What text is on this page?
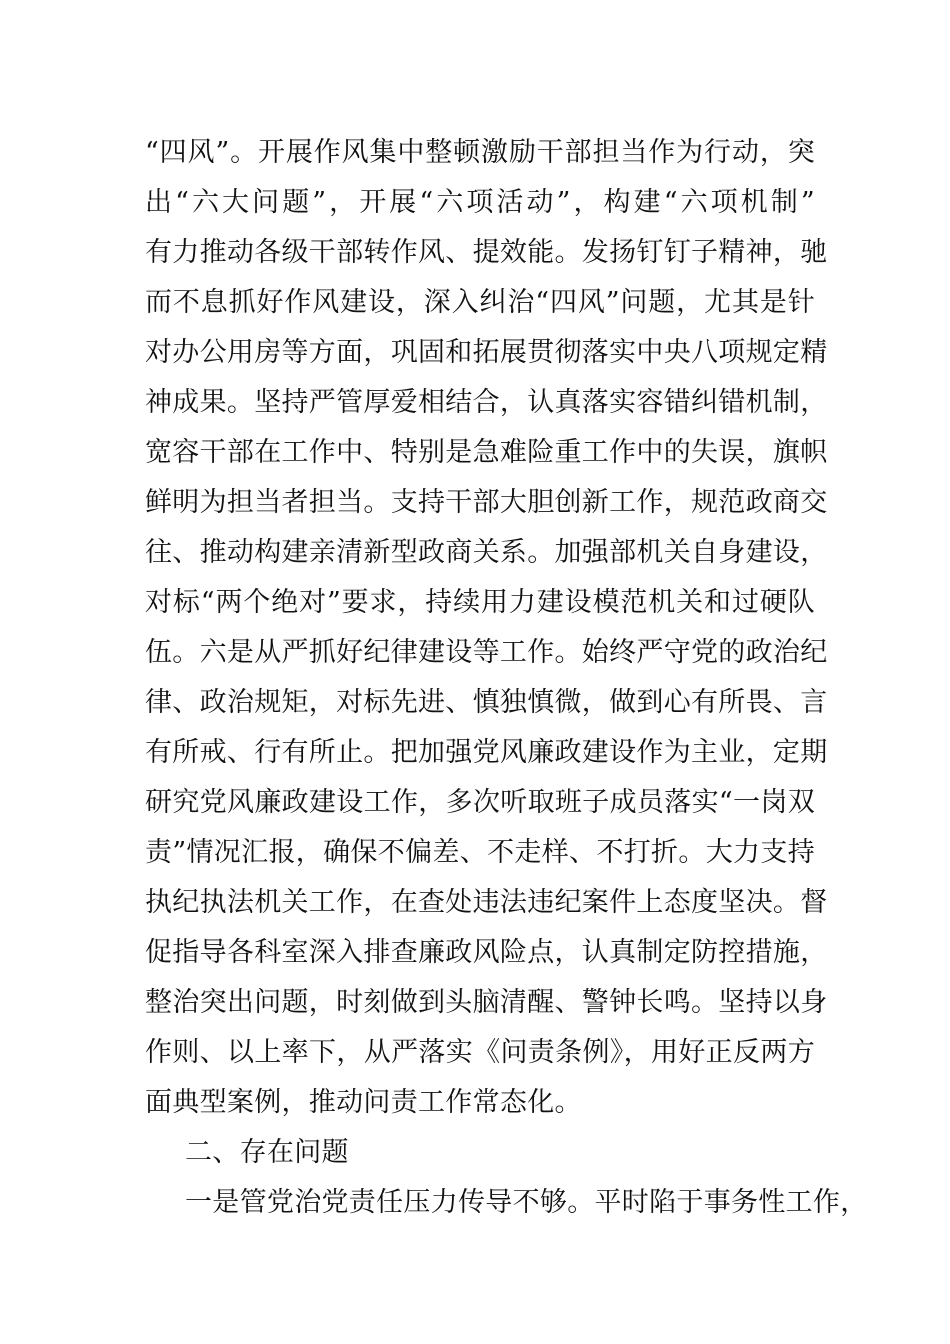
“四风”。开展作风集中整顿激励干部担当作为行动，突
出“六大问题”，开展“六项活动”，构建“六项机制”
有力推动各级干部转作风、提效能。发扬钉钉子精神，驰
而不息抓好作风建设，深入纠治“四风”问题，尤其是针
对办公用房等方面，巩固和拓展贯彻落实中央八项规定精
神成果。坚持严管厚爱相结合，认真落实容错纠错机制，
宽容干部在工作中、特别是急难险重工作中的失误，旗帜
鲜明为担当者担当。支持干部大胆创新工作，规范政商交
往、推动构建亲清新型政商关系。加强部机关自身建设，
对标“两个绝对”要求，持续用力建设模范机关和过硬队
伍。六是从严抓好纪律建设等工作。始终严守党的政治纪
律、政治规矩，对标先进、慎独慎微，做到心有所畏、言
有所戒、行有所止。把加强党风廉政建设作为主业，定期
研究党风廉政建设工作，多次听取班子成员落实“一岗双
责”情况汇报，确保不偏差、不走样、不打折。大力支持
执纪执法机关工作，在查处违法违纪案件上态度坚决。督
促指导各科室深入排查廉政风险点，认真制定防控措施，
整治突出问题，时刻做到头脑清醒、警钟长鸣。坚持以身
作则、以上率下，从严落实《问责条例》，用好正反两方
面典型案例，推动问责工作常态化。
二、存在问题
一是管党治党责任压力传导不够。平时陷于事务性工作，
